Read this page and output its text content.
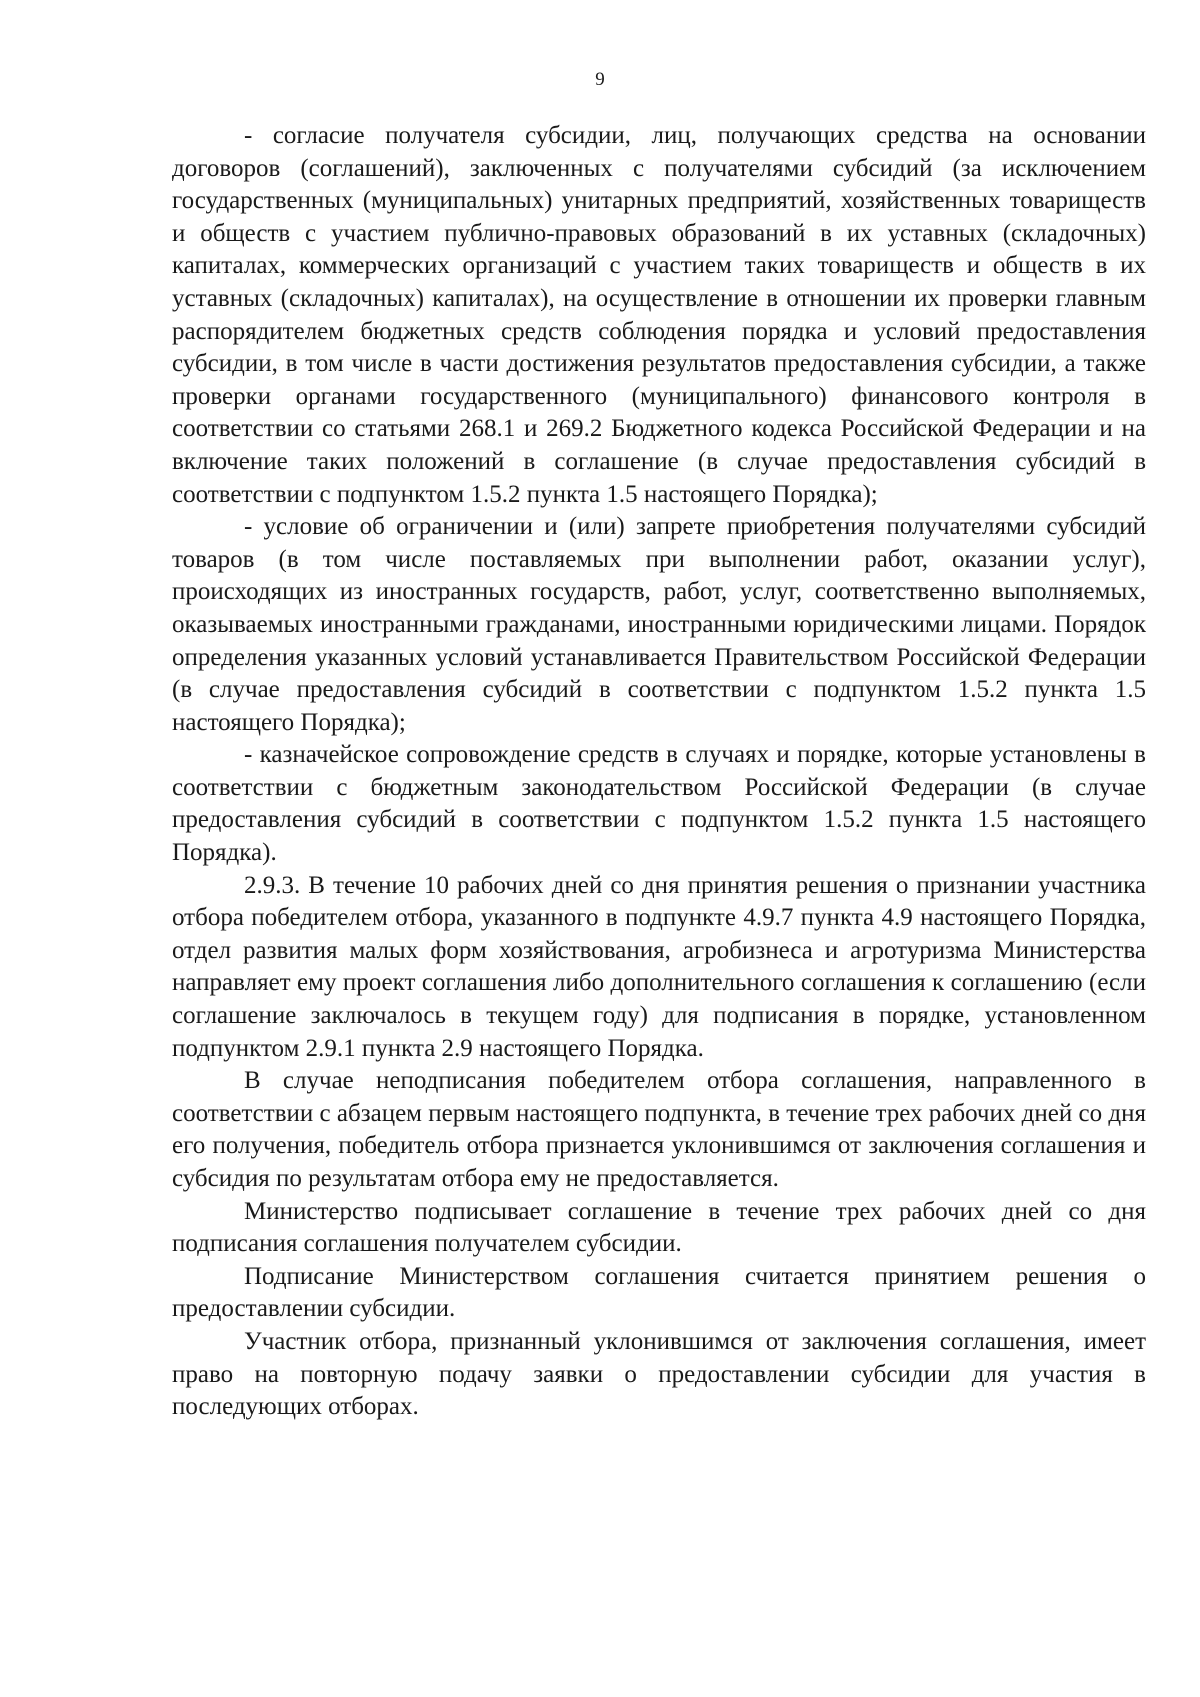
9

- согласие получателя субсидии, лиц, получающих средства на основании договоров (соглашений), заключенных с получателями субсидий (за исключением государственных (муниципальных) унитарных предприятий, хозяйственных товариществ и обществ с участием публично-правовых образований в их уставных (складочных) капиталах, коммерческих организаций с участием таких товариществ и обществ в их уставных (складочных) капиталах), на осуществление в отношении их проверки главным распорядителем бюджетных средств соблюдения порядка и условий предоставления субсидии, в том числе в части достижения результатов предоставления субсидии, а также проверки органами государственного (муниципального) финансового контроля в соответствии со статьями 268.1 и 269.2 Бюджетного кодекса Российской Федерации и на включение таких положений в соглашение (в случае предоставления субсидий в соответствии с подпунктом 1.5.2 пункта 1.5 настоящего Порядка);

- условие об ограничении и (или) запрете приобретения получателями субсидий товаров (в том числе поставляемых при выполнении работ, оказании услуг), происходящих из иностранных государств, работ, услуг, соответственно выполняемых, оказываемых иностранными гражданами, иностранными юридическими лицами. Порядок определения указанных условий устанавливается Правительством Российской Федерации (в случае предоставления субсидий в соответствии с подпунктом 1.5.2 пункта 1.5 настоящего Порядка);

- казначейское сопровождение средств в случаях и порядке, которые установлены в соответствии с бюджетным законодательством Российской Федерации (в случае предоставления субсидий в соответствии с подпунктом 1.5.2 пункта 1.5 настоящего Порядка).

2.9.3. В течение 10 рабочих дней со дня принятия решения о признании участника отбора победителем отбора, указанного в подпункте 4.9.7 пункта 4.9 настоящего Порядка, отдел развития малых форм хозяйствования, агробизнеса и агротуризма Министерства направляет ему проект соглашения либо дополнительного соглашения к соглашению (если соглашение заключалось в текущем году) для подписания в порядке, установленном подпунктом 2.9.1 пункта 2.9 настоящего Порядка.

В случае неподписания победителем отбора соглашения, направленного в соответствии с абзацем первым настоящего подпункта, в течение трех рабочих дней со дня его получения, победитель отбора признается уклонившимся от заключения соглашения и субсидия по результатам отбора ему не предоставляется.

Министерство подписывает соглашение в течение трех рабочих дней со дня подписания соглашения получателем субсидии.

Подписание Министерством соглашения считается принятием решения о предоставлении субсидии.

Участник отбора, признанный уклонившимся от заключения соглашения, имеет право на повторную подачу заявки о предоставлении субсидии для участия в последующих отборах.
